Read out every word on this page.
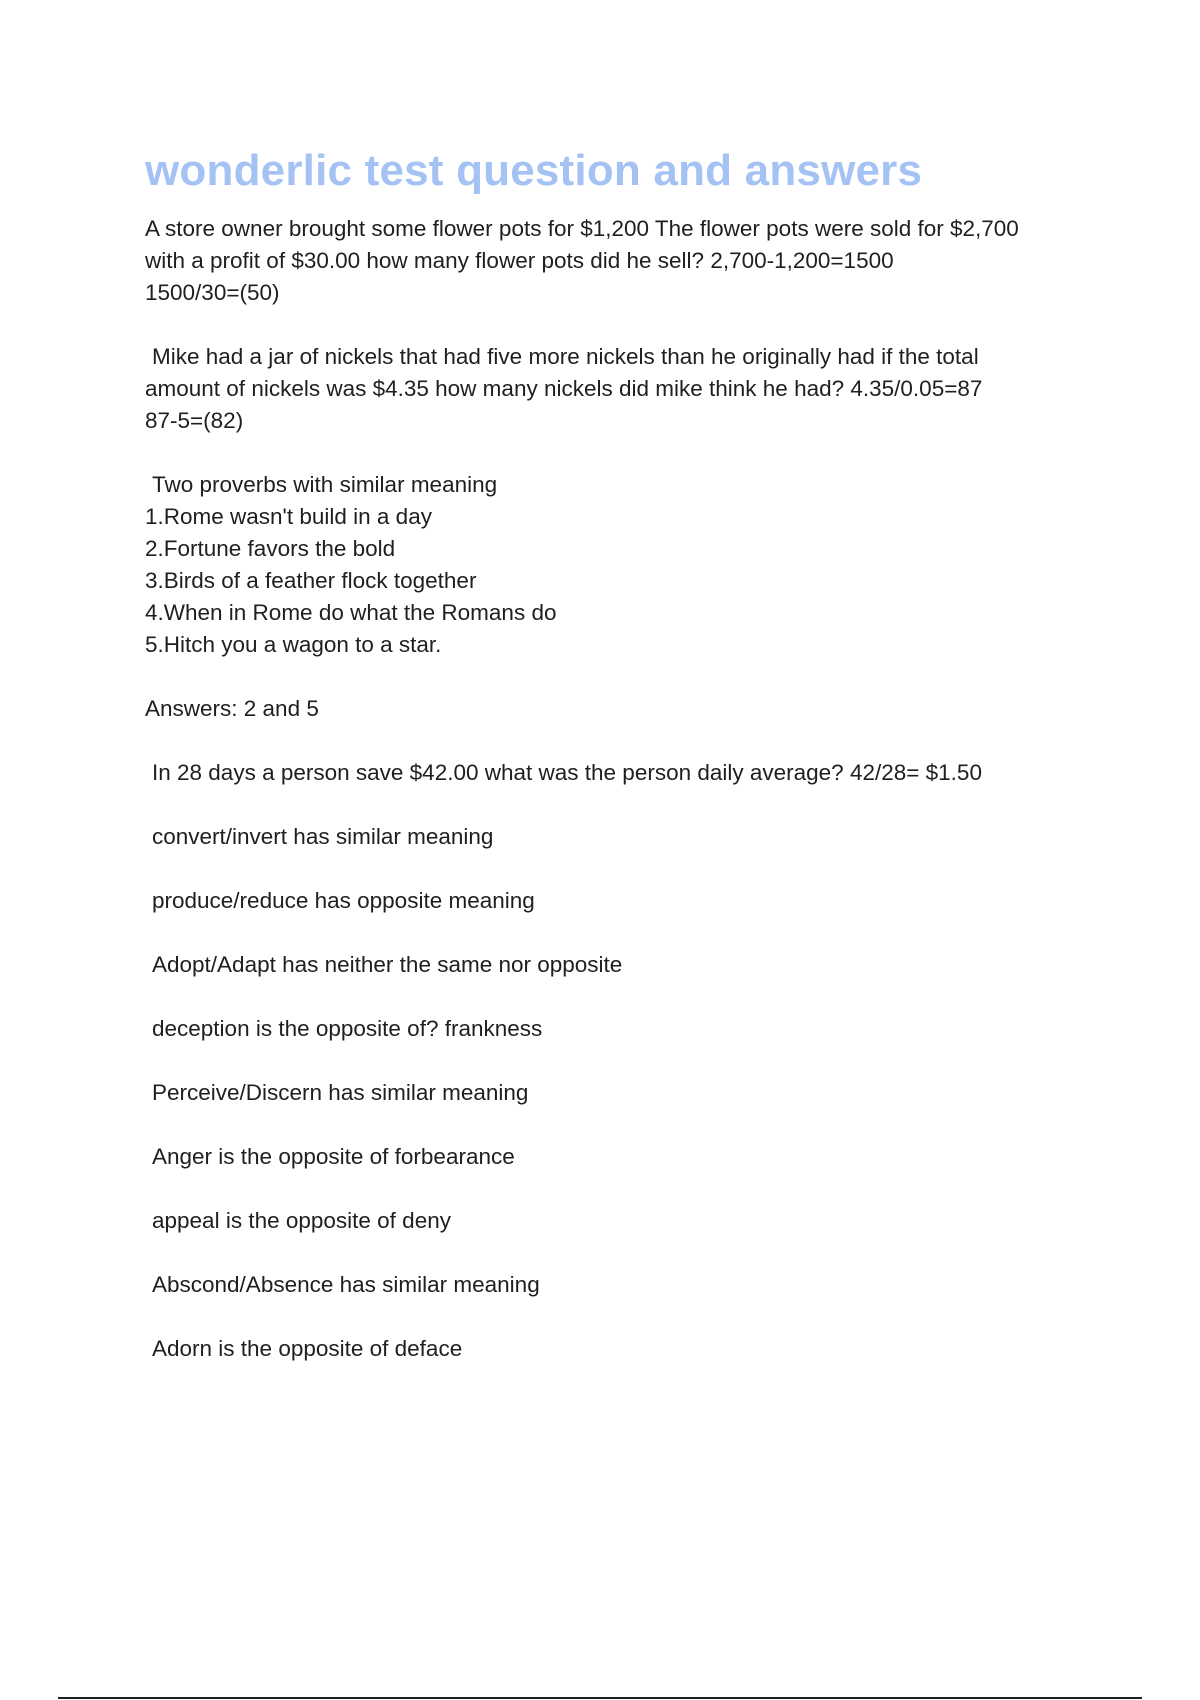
wonderlic test question and answers

A store owner brought some flower pots for $1,200 The flower pots were sold for $2,700
with a profit of $30.00 how many flower pots did he sell? 2,700-1,200=1500
1500/30=(50)

Mike had a jar of nickels that had five more nickels than he originally had if the total
amount of nickels was $4.35 how many nickels did mike think he had? 4.35/0.05=87
87-5=(82)

Two proverbs with similar meaning
1.Rome wasn't build in a day
2.Fortune favors the bold
3.Birds of a feather flock together
4.When in Rome do what the Romans do
5.Hitch you a wagon to a star.

Answers: 2 and 5

In 28 days a person save $42.00 what was the person daily average? 42/28= $1.50

convert/invert has similar meaning

produce/reduce has opposite meaning

Adopt/Adapt has neither the same nor opposite

deception is the opposite of? frankness

Perceive/Discern has similar meaning

Anger is the opposite of forbearance

appeal is the opposite of deny

Abscond/Absence has similar meaning

Adorn is the opposite of deface
